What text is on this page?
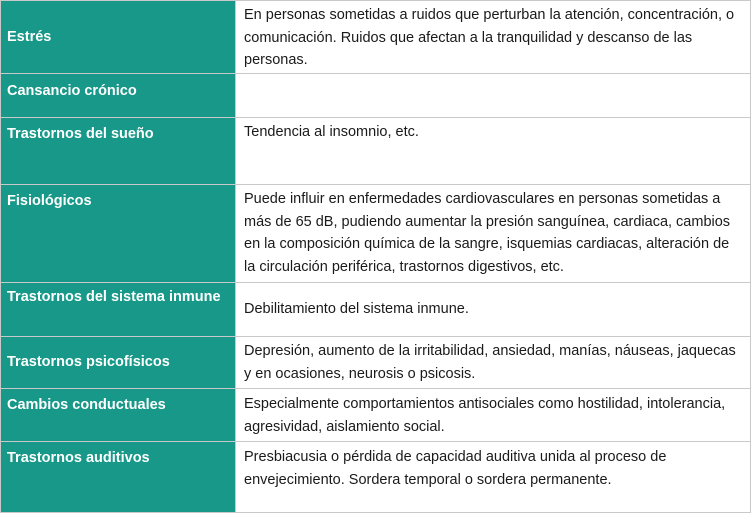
Estrés	En personas sometidas a ruidos que perturban la atención, concentración, o comunicación. Ruidos que afectan a la tranquilidad y descanso de las personas.
Cansancio crónico	
Trastornos del sueño	Tendencia al insomnio, etc.
Fisiológicos	Puede influir en enfermedades cardiovasculares en personas sometidas a más de 65 dB, pudiendo aumentar la presión sanguínea, cardiaca, cambios en la composición química de la sangre, isquemias cardiacas, alteración de la circulación periférica, trastornos digestivos, etc.
Trastornos del sistema inmune	Debilitamiento del sistema inmune.
Trastornos psicofísicos	Depresión, aumento de la irritabilidad, ansiedad, manías, náuseas, jaquecas y en ocasiones, neurosis o psicosis.
Cambios conductuales	Especialmente comportamientos antisociales como hostilidad, intolerancia, agresividad, aislamiento social.
Trastornos auditivos	Presbiacusia o pérdida de capacidad auditiva unida al proceso de envejecimiento. Sordera temporal o sordera permanente.
